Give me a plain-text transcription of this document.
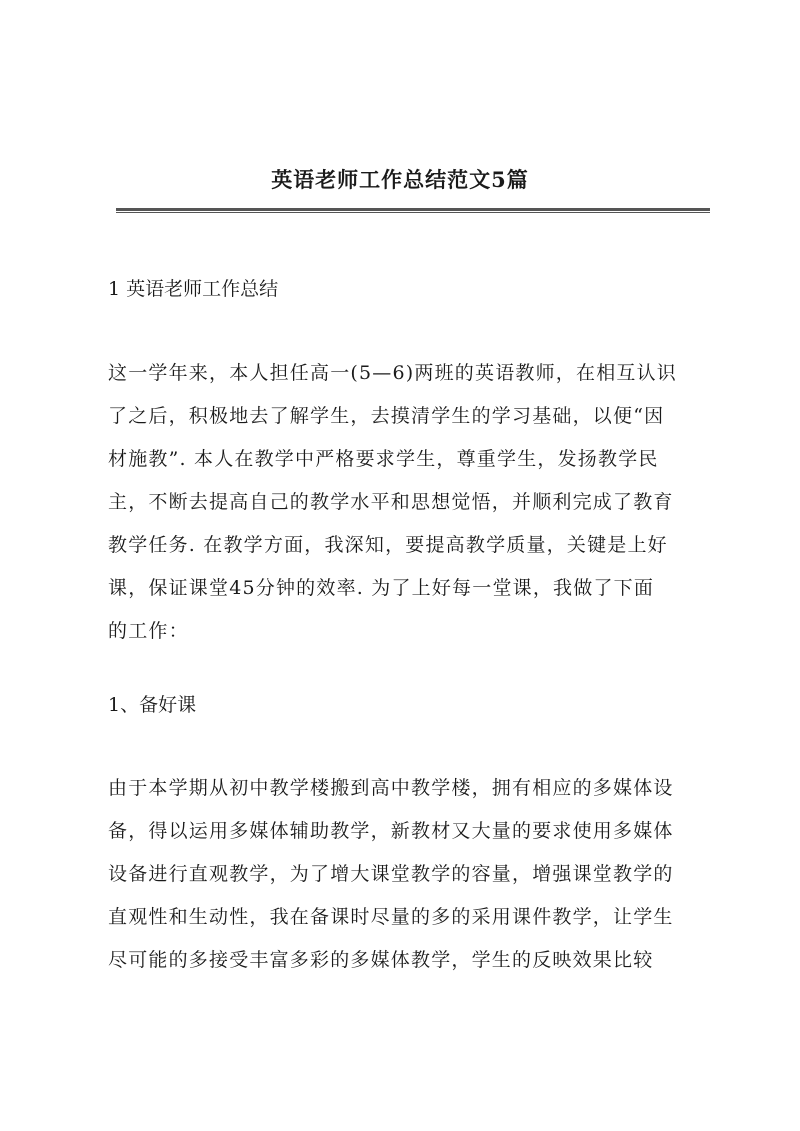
英语老师工作总结范文5篇
1 英语老师工作总结
这一学年来，本人担任高一(5—6)两班的英语教师，在相互认识
了之后，积极地去了解学生，去摸清学生的学习基础，以便“因
材施教”. 本人在教学中严格要求学生，尊重学生，发扬教学民
主，不断去提高自己的教学水平和思想觉悟，并顺利完成了教育
教学任务. 在教学方面，我深知，要提高教学质量，关键是上好
课，保证课堂45分钟的效率. 为了上好每一堂课，我做了下面
的工作：
1、备好课
由于本学期从初中教学楼搬到高中教学楼，拥有相应的多媒体设
备，得以运用多媒体辅助教学，新教材又大量的要求使用多媒体
设备进行直观教学，为了增大课堂教学的容量，增强课堂教学的
直观性和生动性，我在备课时尽量的多的采用课件教学，让学生
尽可能的多接受丰富多彩的多媒体教学，学生的反映效果比较
